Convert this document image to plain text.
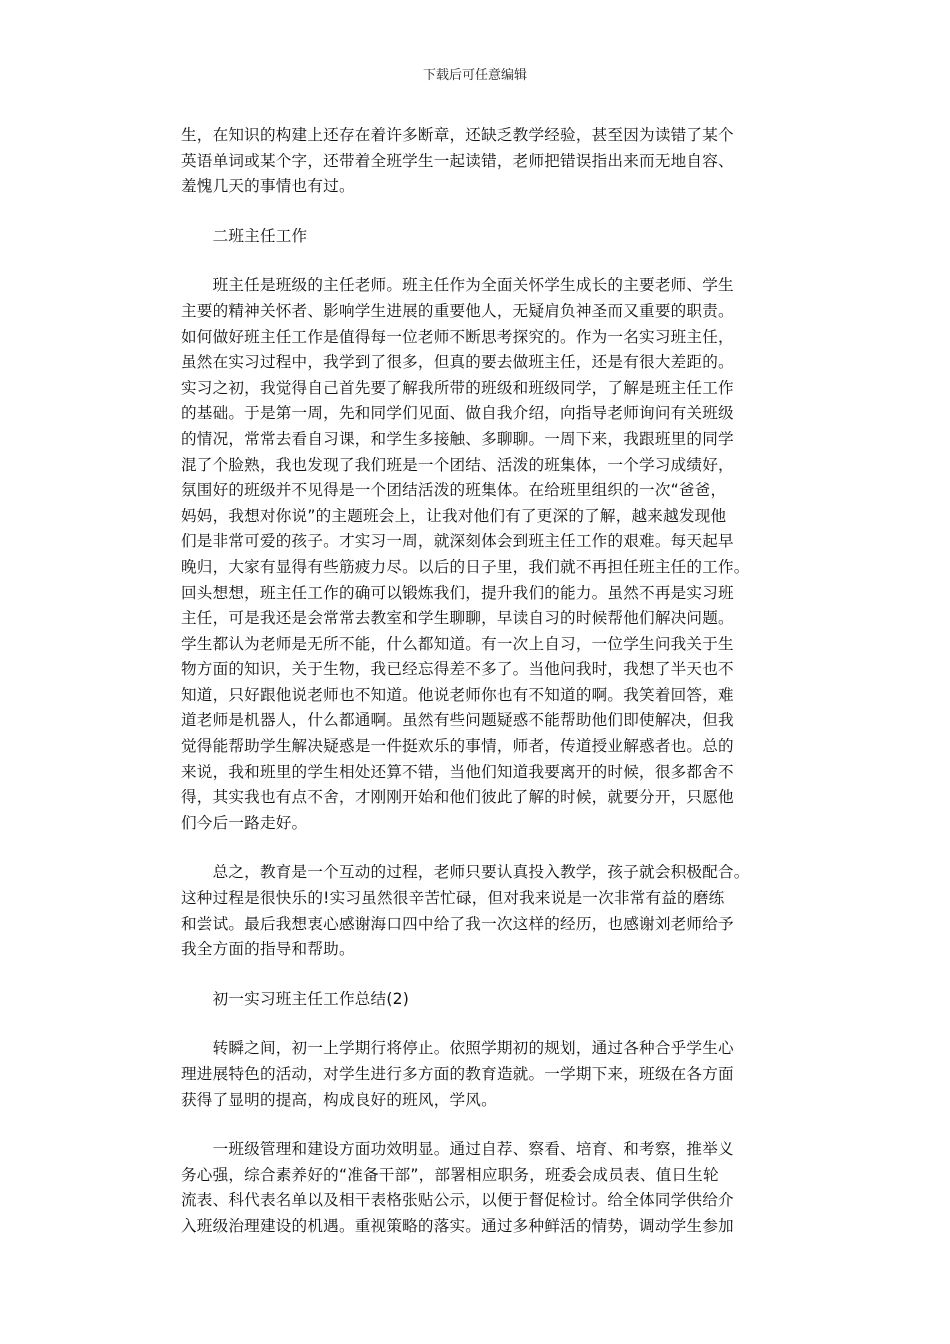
下载后可任意编辑

生，在知识的构建上还存在着许多断章，还缺乏教学经验，甚至因为读错了某个
英语单词或某个字，还带着全班学生一起读错，老师把错误指出来而无地自容、
羞愧几天的事情也有过。

　　二班主任工作

　　班主任是班级的主任老师。班主任作为全面关怀学生成长的主要老师、学生
主要的精神关怀者、影响学生进展的重要他人，无疑肩负神圣而又重要的职责。
如何做好班主任工作是值得每一位老师不断思考探究的。作为一名实习班主任，
虽然在实习过程中，我学到了很多，但真的要去做班主任，还是有很大差距的。
实习之初，我觉得自己首先要了解我所带的班级和班级同学，了解是班主任工作
的基础。于是第一周，先和同学们见面、做自我介绍，向指导老师询问有关班级
的情况，常常去看自习课，和学生多接触、多聊聊。一周下来，我跟班里的同学
混了个脸熟，我也发现了我们班是一个团结、活泼的班集体，一个学习成绩好，
氛围好的班级并不见得是一个团结活泼的班集体。在给班里组织的一次“爸爸，
妈妈，我想对你说”的主题班会上，让我对他们有了更深的了解，越来越发现他
们是非常可爱的孩子。才实习一周，就深刻体会到班主任工作的艰难。每天起早
晚归，大家有显得有些筋疲力尽。以后的日子里，我们就不再担任班主任的工作。
回头想想，班主任工作的确可以锻炼我们，提升我们的能力。虽然不再是实习班
主任，可是我还是会常常去教室和学生聊聊，早读自习的时候帮他们解决问题。
学生都认为老师是无所不能，什么都知道。有一次上自习，一位学生问我关于生
物方面的知识，关于生物，我已经忘得差不多了。当他问我时，我想了半天也不
知道，只好跟他说老师也不知道。他说老师你也有不知道的啊。我笑着回答，难
道老师是机器人，什么都通啊。虽然有些问题疑惑不能帮助他们即使解决，但我
觉得能帮助学生解决疑惑是一件挺欢乐的事情，师者，传道授业解惑者也。总的
来说，我和班里的学生相处还算不错，当他们知道我要离开的时候，很多都舍不
得，其实我也有点不舍，才刚刚开始和他们彼此了解的时候，就要分开，只愿他
们今后一路走好。

　　总之，教育是一个互动的过程，老师只要认真投入教学，孩子就会积极配合。
这种过程是很快乐的!实习虽然很辛苦忙碌，但对我来说是一次非常有益的磨练
和尝试。最后我想衷心感谢海口四中给了我一次这样的经历，也感谢刘老师给予
我全方面的指导和帮助。

　　初一实习班主任工作总结(2)

　　转瞬之间，初一上学期行将停止。依照学期初的规划，通过各种合乎学生心
理进展特色的活动，对学生进行多方面的教育造就。一学期下来，班级在各方面
获得了显明的提高，构成良好的班风，学风。

　　一班级管理和建设方面功效明显。通过自荐、察看、培育、和考察，推举义
务心强，综合素养好的“准备干部”，部署相应职务，班委会成员表、值日生轮
流表、科代表名单以及相干表格张贴公示，以便于督促检讨。给全体同学供给介
入班级治理建设的机遇。重视策略的落实。通过多种鲜活的情势，调动学生参加
